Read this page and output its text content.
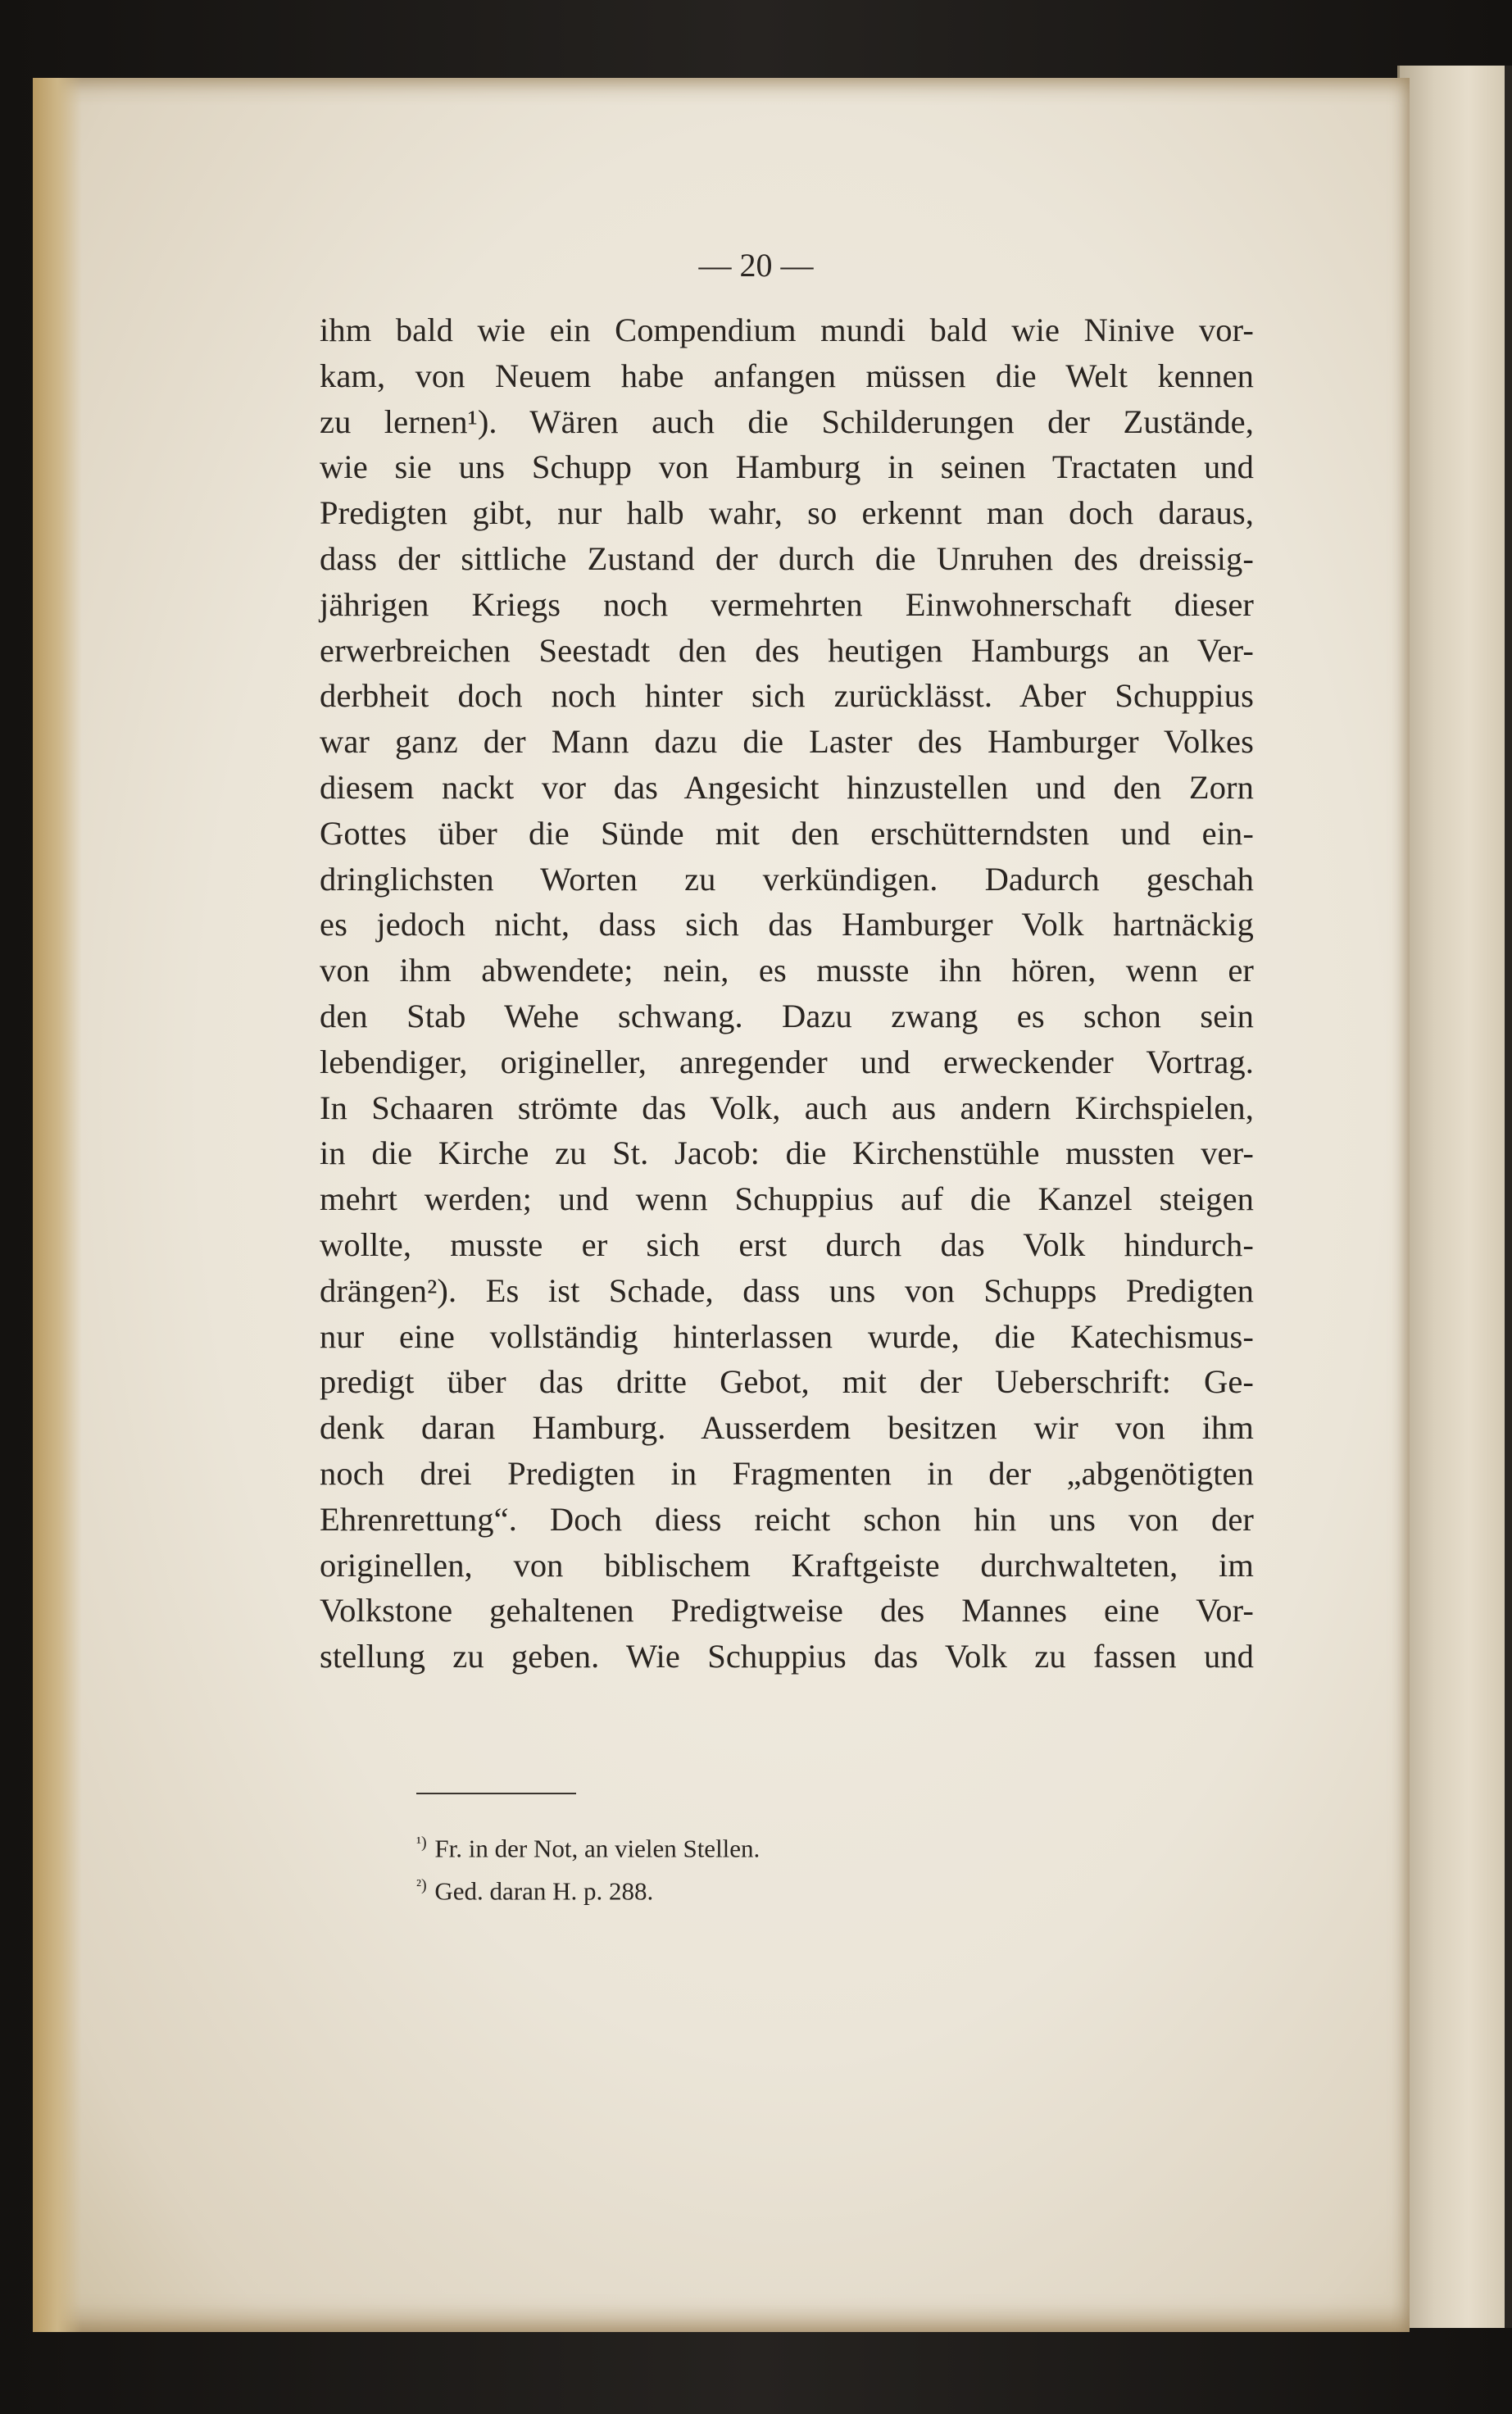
— 20 —
ihm bald wie ein Compendium mundi bald wie Ninive vor-
kam, von Neuem habe anfangen müssen die Welt kennen
zu lernen¹). Wären auch die Schilderungen der Zustände,
wie sie uns Schupp von Hamburg in seinen Tractaten und
Predigten gibt, nur halb wahr, so erkennt man doch daraus,
dass der sittliche Zustand der durch die Unruhen des dreissig-
jährigen Kriegs noch vermehrten Einwohnerschaft dieser
erwerbreichen Seestadt den des heutigen Hamburgs an Ver-
derbheit doch noch hinter sich zurücklässt. Aber Schuppius
war ganz der Mann dazu die Laster des Hamburger Volkes
diesem nackt vor das Angesicht hinzustellen und den Zorn
Gottes über die Sünde mit den erschütterndsten und ein-
dringlichsten Worten zu verkündigen. Dadurch geschah
es jedoch nicht, dass sich das Hamburger Volk hartnäckig
von ihm abwendete; nein, es musste ihn hören, wenn er
den Stab Wehe schwang. Dazu zwang es schon sein
lebendiger, origineller, anregender und erweckender Vortrag.
In Schaaren strömte das Volk, auch aus andern Kirchspielen,
in die Kirche zu St. Jacob: die Kirchenstühle mussten ver-
mehrt werden; und wenn Schuppius auf die Kanzel steigen
wollte, musste er sich erst durch das Volk hindurch-
drängen²). Es ist Schade, dass uns von Schupps Predigten
nur eine vollständig hinterlassen wurde, die Katechismus-
predigt über das dritte Gebot, mit der Ueberschrift: Ge-
denk daran Hamburg. Ausserdem besitzen wir von ihm
noch drei Predigten in Fragmenten in der „abgenötigten
Ehrenrettung“. Doch diess reicht schon hin uns von der
originellen, von biblischem Kraftgeiste durchwalteten, im
Volkstone gehaltenen Predigtweise des Mannes eine Vor-
stellung zu geben. Wie Schuppius das Volk zu fassen und
$^{^1)}$ Fr. in der Not, an vielen Stellen.
$^{^2)}$ Ged. daran H. p. 288.
